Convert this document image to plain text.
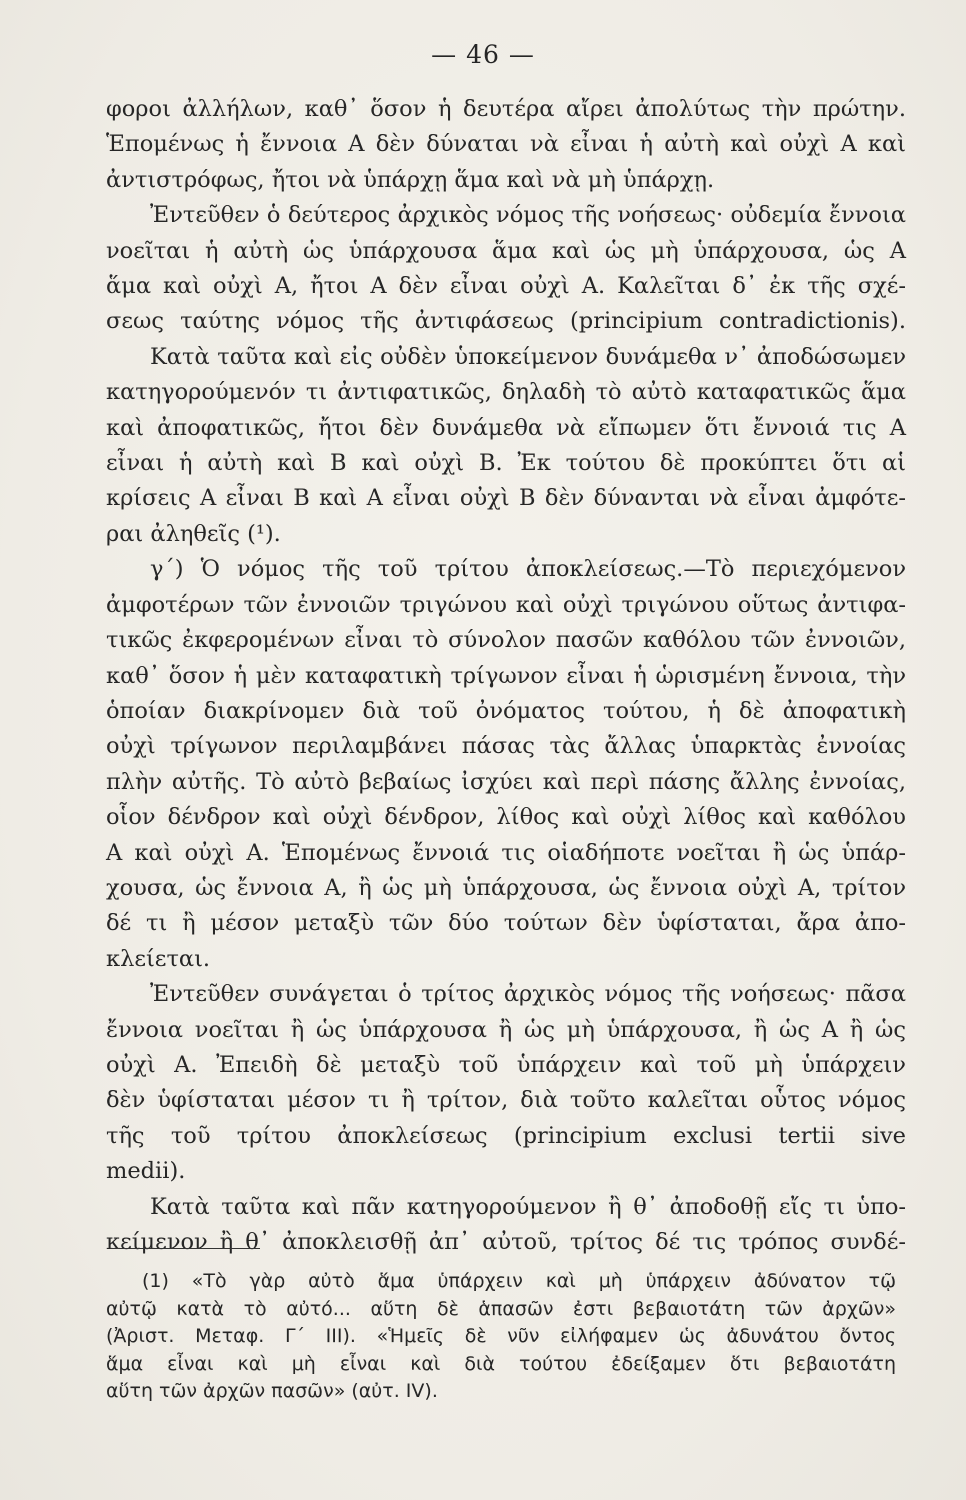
— 46 —
φοροι ἀλλήλων, καθ᾽ ὅσον ἡ δευτέρα αἴρει ἀπολύτως τὴν πρώτην.
Ἑπομένως ἡ ἔννοια Α δὲν δύναται νὰ εἶναι ἡ αὐτὴ καὶ οὐχὶ Α καὶ
ἀντιστρόφως, ἤτοι νὰ ὑπάρχῃ ἅμα καὶ νὰ μὴ ὑπάρχῃ.
Ἐντεῦθεν ὁ δεύτερος ἀρχικὸς νόμος τῆς νοήσεως· οὐδεμία ἔννοια
νοεῖται ἡ αὐτὴ ὡς ὑπάρχουσα ἅμα καὶ ὡς μὴ ὑπάρχουσα, ὡς Α
ἅμα καὶ οὐχὶ Α, ἤτοι Α δὲν εἶναι οὐχὶ Α. Καλεῖται δ᾽ ἐκ τῆς σχέ-
σεως ταύτης νόμος τῆς ἀντιφάσεως (principium contradictionis).
Κατὰ ταῦτα καὶ εἰς οὐδὲν ὑποκείμενον δυνάμεθα ν᾽ ἀποδώσωμεν
κατηγορούμενόν τι ἀντιφατικῶς, δηλαδὴ τὸ αὐτὸ καταφατικῶς ἅμα
καὶ ἀποφατικῶς, ἤτοι δὲν δυνάμεθα νὰ εἴπωμεν ὅτι ἔννοιά τις Α
εἶναι ἡ αὐτὴ καὶ Β καὶ οὐχὶ Β. Ἐκ τούτου δὲ προκύπτει ὅτι αἱ
κρίσεις Α εἶναι Β καὶ Α εἶναι οὐχὶ Β δὲν δύνανται νὰ εἶναι ἀμφότε-
ραι ἀληθεῖς (¹).
γ´) Ὁ νόμος τῆς τοῦ τρίτου ἀποκλείσεως.—Τὸ περιεχόμενον
ἀμφοτέρων τῶν ἐννοιῶν τριγώνου καὶ οὐχὶ τριγώνου οὕτως ἀντιφα-
τικῶς ἐκφερομένων εἶναι τὸ σύνολον πασῶν καθόλου τῶν ἐννοιῶν,
καθ᾽ ὅσον ἡ μὲν καταφατικὴ τρίγωνον εἶναι ἡ ὡρισμένη ἔννοια, τὴν
ὁποίαν διακρίνομεν διὰ τοῦ ὀνόματος τούτου, ἡ δὲ ἀποφατικὴ
οὐχὶ τρίγωνον περιλαμβάνει πάσας τὰς ἄλλας ὑπαρκτὰς ἐννοίας
πλὴν αὐτῆς. Τὸ αὐτὸ βεβαίως ἰσχύει καὶ περὶ πάσης ἄλλης ἐννοίας,
οἷον δένδρον καὶ οὐχὶ δένδρον, λίθος καὶ οὐχὶ λίθος καὶ καθόλου
Α καὶ οὐχὶ Α. Ἑπομένως ἔννοιά τις οἱαδήποτε νοεῖται ἢ ὡς ὑπάρ-
χουσα, ὡς ἔννοια Α, ἢ ὡς μὴ ὑπάρχουσα, ὡς ἔννοια οὐχὶ Α, τρίτον
δέ τι ἢ μέσον μεταξὺ τῶν δύο τούτων δὲν ὑφίσταται, ἄρα ἀπο-
κλείεται.
Ἐντεῦθεν συνάγεται ὁ τρίτος ἀρχικὸς νόμος τῆς νοήσεως· πᾶσα
ἔννοια νοεῖται ἢ ὡς ὑπάρχουσα ἢ ὡς μὴ ὑπάρχουσα, ἢ ὡς Α ἢ ὡς
οὐχὶ Α. Ἐπειδὴ δὲ μεταξὺ τοῦ ὑπάρχειν καὶ τοῦ μὴ ὑπάρχειν
δὲν ὑφίσταται μέσον τι ἢ τρίτον, διὰ τοῦτο καλεῖται οὗτος νόμος
τῆς τοῦ τρίτου ἀποκλείσεως (principium exclusi tertii sive
medii).
Κατὰ ταῦτα καὶ πᾶν κατηγορούμενον ἢ θ᾽ ἀποδοθῇ εἴς τι ὑπο-
κείμενον ἢ θ᾽ ἀποκλεισθῇ ἀπ᾽ αὐτοῦ, τρίτος δέ τις τρόπος συνδέ-
(1) «Τὸ γὰρ αὐτὸ ἅμα ὑπάρχειν καὶ μὴ ὑπάρχειν ἀδύνατον τῷ
αὐτῷ κατὰ τὸ αὐτό... αὕτη δὲ ἁπασῶν ἐστι βεβαιοτάτη τῶν ἀρχῶν»
(Ἀριστ. Μεταφ. Γ´ ΙΙΙ). «Ἡμεῖς δὲ νῦν εἰλήφαμεν ὡς ἀδυνάτου ὄντος
ἅμα εἶναι καὶ μὴ εἶναι καὶ διὰ τούτου ἐδείξαμεν ὅτι βεβαιοτάτη
αὕτη τῶν ἀρχῶν πασῶν» (αὐτ. IV).
